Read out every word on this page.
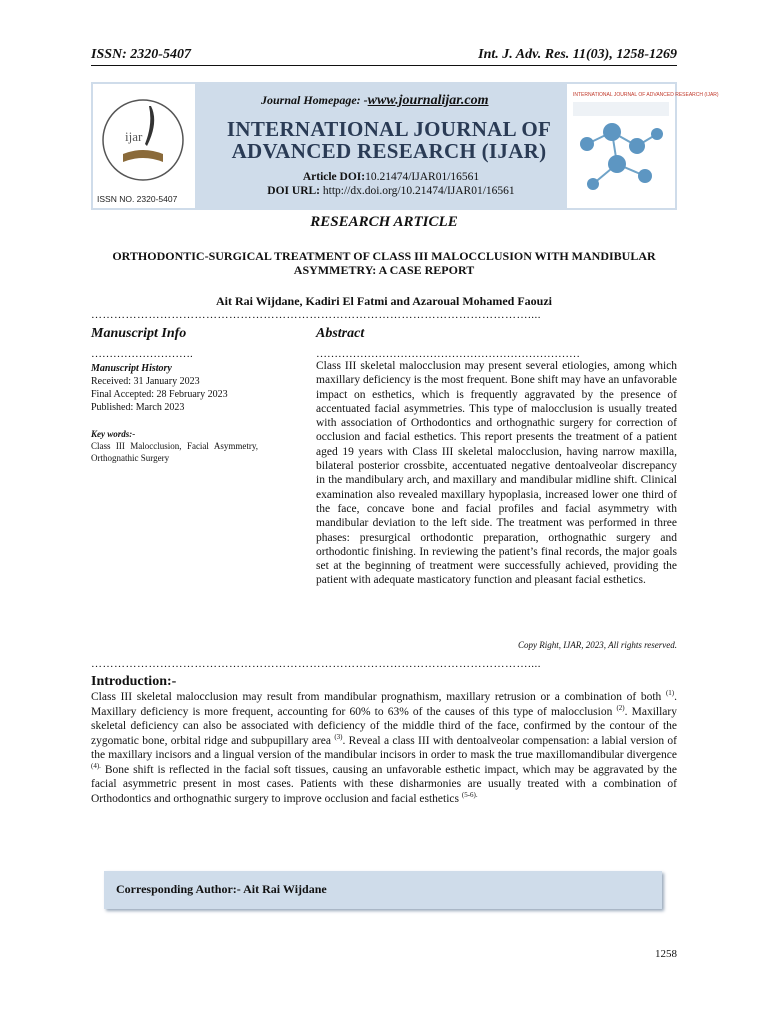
ISSN: 2320-5407	Int. J. Adv. Res. 11(03), 1258-1269
ijar
ISSN NO. 2320-5407
Journal Homepage: -www.journalijar.com
INTERNATIONAL JOURNAL OF
ADVANCED RESEARCH (IJAR)
Article DOI:10.21474/IJAR01/16561
DOI URL: http://dx.doi.org/10.21474/IJAR01/16561
INTERNATIONAL JOURNAL OF ADVANCED RESEARCH (IJAR)
RESEARCH ARTICLE
ORTHODONTIC-SURGICAL TREATMENT OF CLASS III MALOCCLUSION WITH MANDIBULAR ASYMMETRY: A CASE REPORT
Ait Rai Wijdane, Kadiri El Fatmi and Azaroual Mohamed Faouzi
……………………………………………………………………………………………………....
Manuscript Info
……………………….
Manuscript History
Received: 31 January 2023
Final Accepted: 28 February 2023
Published: March 2023
Key words:-
Class III Malocclusion, Facial Asymmetry, Orthognathic Surgery
Abstract
………………………………………………………………
Class III skeletal malocclusion may present several etiologies, among which maxillary deficiency is the most frequent. Bone shift may have an unfavorable impact on esthetics, which is frequently aggravated by the presence of accentuated facial asymmetries. This type of malocclusion is usually treated with association of Orthodontics and orthognathic surgery for correction of occlusion and facial esthetics. This report presents the treatment of a patient aged 19 years with Class III skeletal malocclusion, having narrow maxilla, bilateral posterior crossbite, accentuated negative dentoalveolar discrepancy in the mandibulary arch, and maxillary and mandibular midline shift. Clinical examination also revealed maxillary hypoplasia, increased lower one third of the face, concave bone and facial profiles and facial asymmetry with mandibular deviation to the left side. The treatment was performed in three phases: presurgical orthodontic preparation, orthognathic surgery and orthodontic finishing. In reviewing the patient’s final records, the major goals set at the beginning of treatment were successfully achieved, providing the patient with adequate masticatory function and pleasant facial esthetics.
Copy Right, IJAR, 2023, All rights reserved.
……………………………………………………………………………………………………....
Introduction:-
Class III skeletal malocclusion may result from mandibular prognathism, maxillary retrusion or a combination of both $^{(1)}$. Maxillary deficiency is more frequent, accounting for 60% to 63% of the causes of this type of malocclusion $^{(2)}$. Maxillary skeletal deficiency can also be associated with deficiency of the middle third of the face, confirmed by the contour of the zygomatic bone, orbital ridge and subpupillary area $^{(3)}$. Reveal a class III with dentoalveolar compensation: a labial version of the maxillary incisors and a lingual version of the mandibular incisors in order to mask the true maxillomandibular divergence $^{(4).}$ Bone shift is reflected in the facial soft tissues, causing an unfavorable esthetic impact, which may be aggravated by the facial asymmetric present in most cases. Patients with these disharmonies are usually treated with a combination of Orthodontics and orthognathic surgery to improve occlusion and facial esthetics $^{(5-6).}$
Corresponding Author:- Ait Rai Wijdane
1258
